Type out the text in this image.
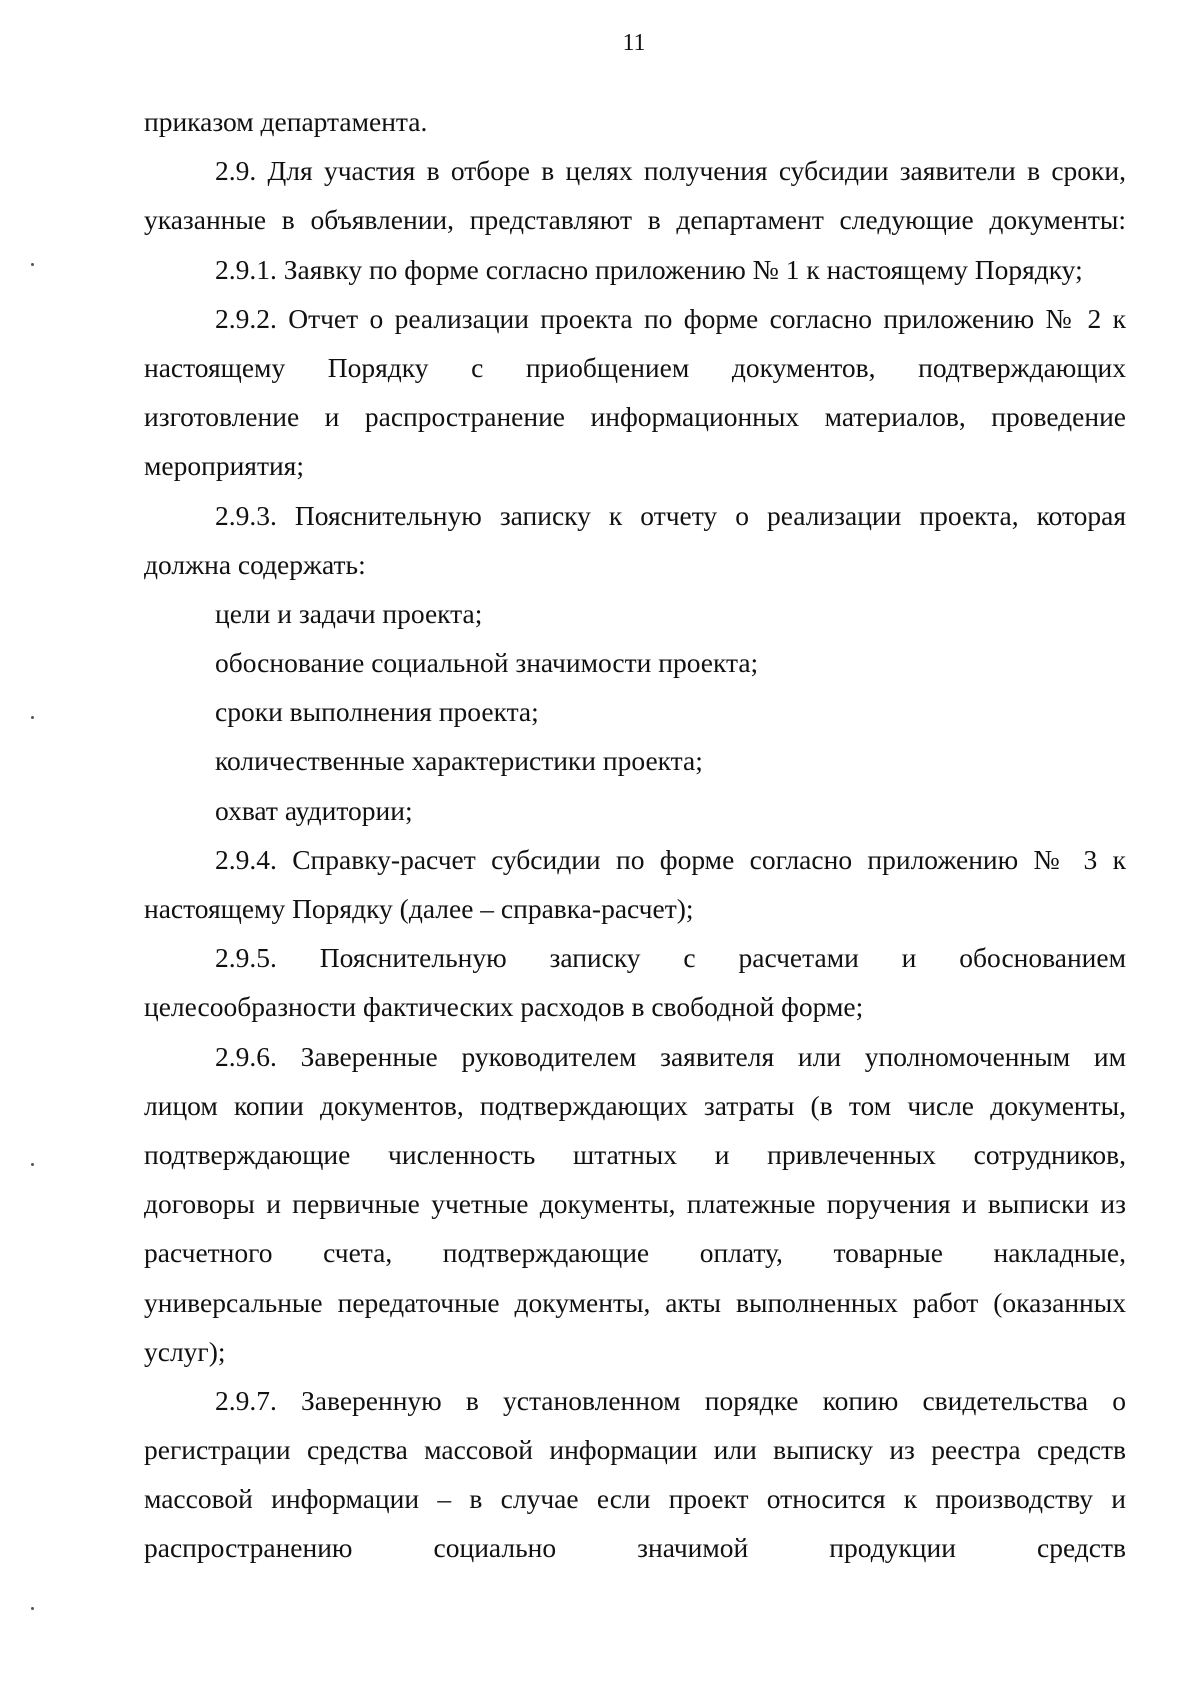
11
приказом департамента.
2.9. Для участия в отборе в целях получения субсидии заявители в сроки,
указанные в объявлении, представляют в департамент следующие документы:
2.9.1. Заявку по форме согласно приложению № 1 к настоящему Порядку;
2.9.2. Отчет о реализации проекта по форме согласно приложению № 2 к
настоящему Порядку с приобщением документов, подтверждающих
изготовление и распространение информационных материалов, проведение
мероприятия;
2.9.3. Пояснительную записку к отчету о реализации проекта, которая
должна содержать:
цели и задачи проекта;
обоснование социальной значимости проекта;
сроки выполнения проекта;
количественные характеристики проекта;
охват аудитории;
2.9.4. Справку-расчет субсидии по форме согласно приложению № 3 к
настоящему Порядку (далее – справка-расчет);
2.9.5. Пояснительную записку с расчетами и обоснованием
целесообразности фактических расходов в свободной форме;
2.9.6. Заверенные руководителем заявителя или уполномоченным им
лицом копии документов, подтверждающих затраты (в том числе документы,
подтверждающие численность штатных и привлеченных сотрудников,
договоры и первичные учетные документы, платежные поручения и выписки из
расчетного счета, подтверждающие оплату, товарные накладные,
универсальные передаточные документы, акты выполненных работ (оказанных
услуг);
2.9.7. Заверенную в установленном порядке копию свидетельства о
регистрации средства массовой информации или выписку из реестра средств
массовой информации – в случае если проект относится к производству и
распространению социально значимой продукции средств
